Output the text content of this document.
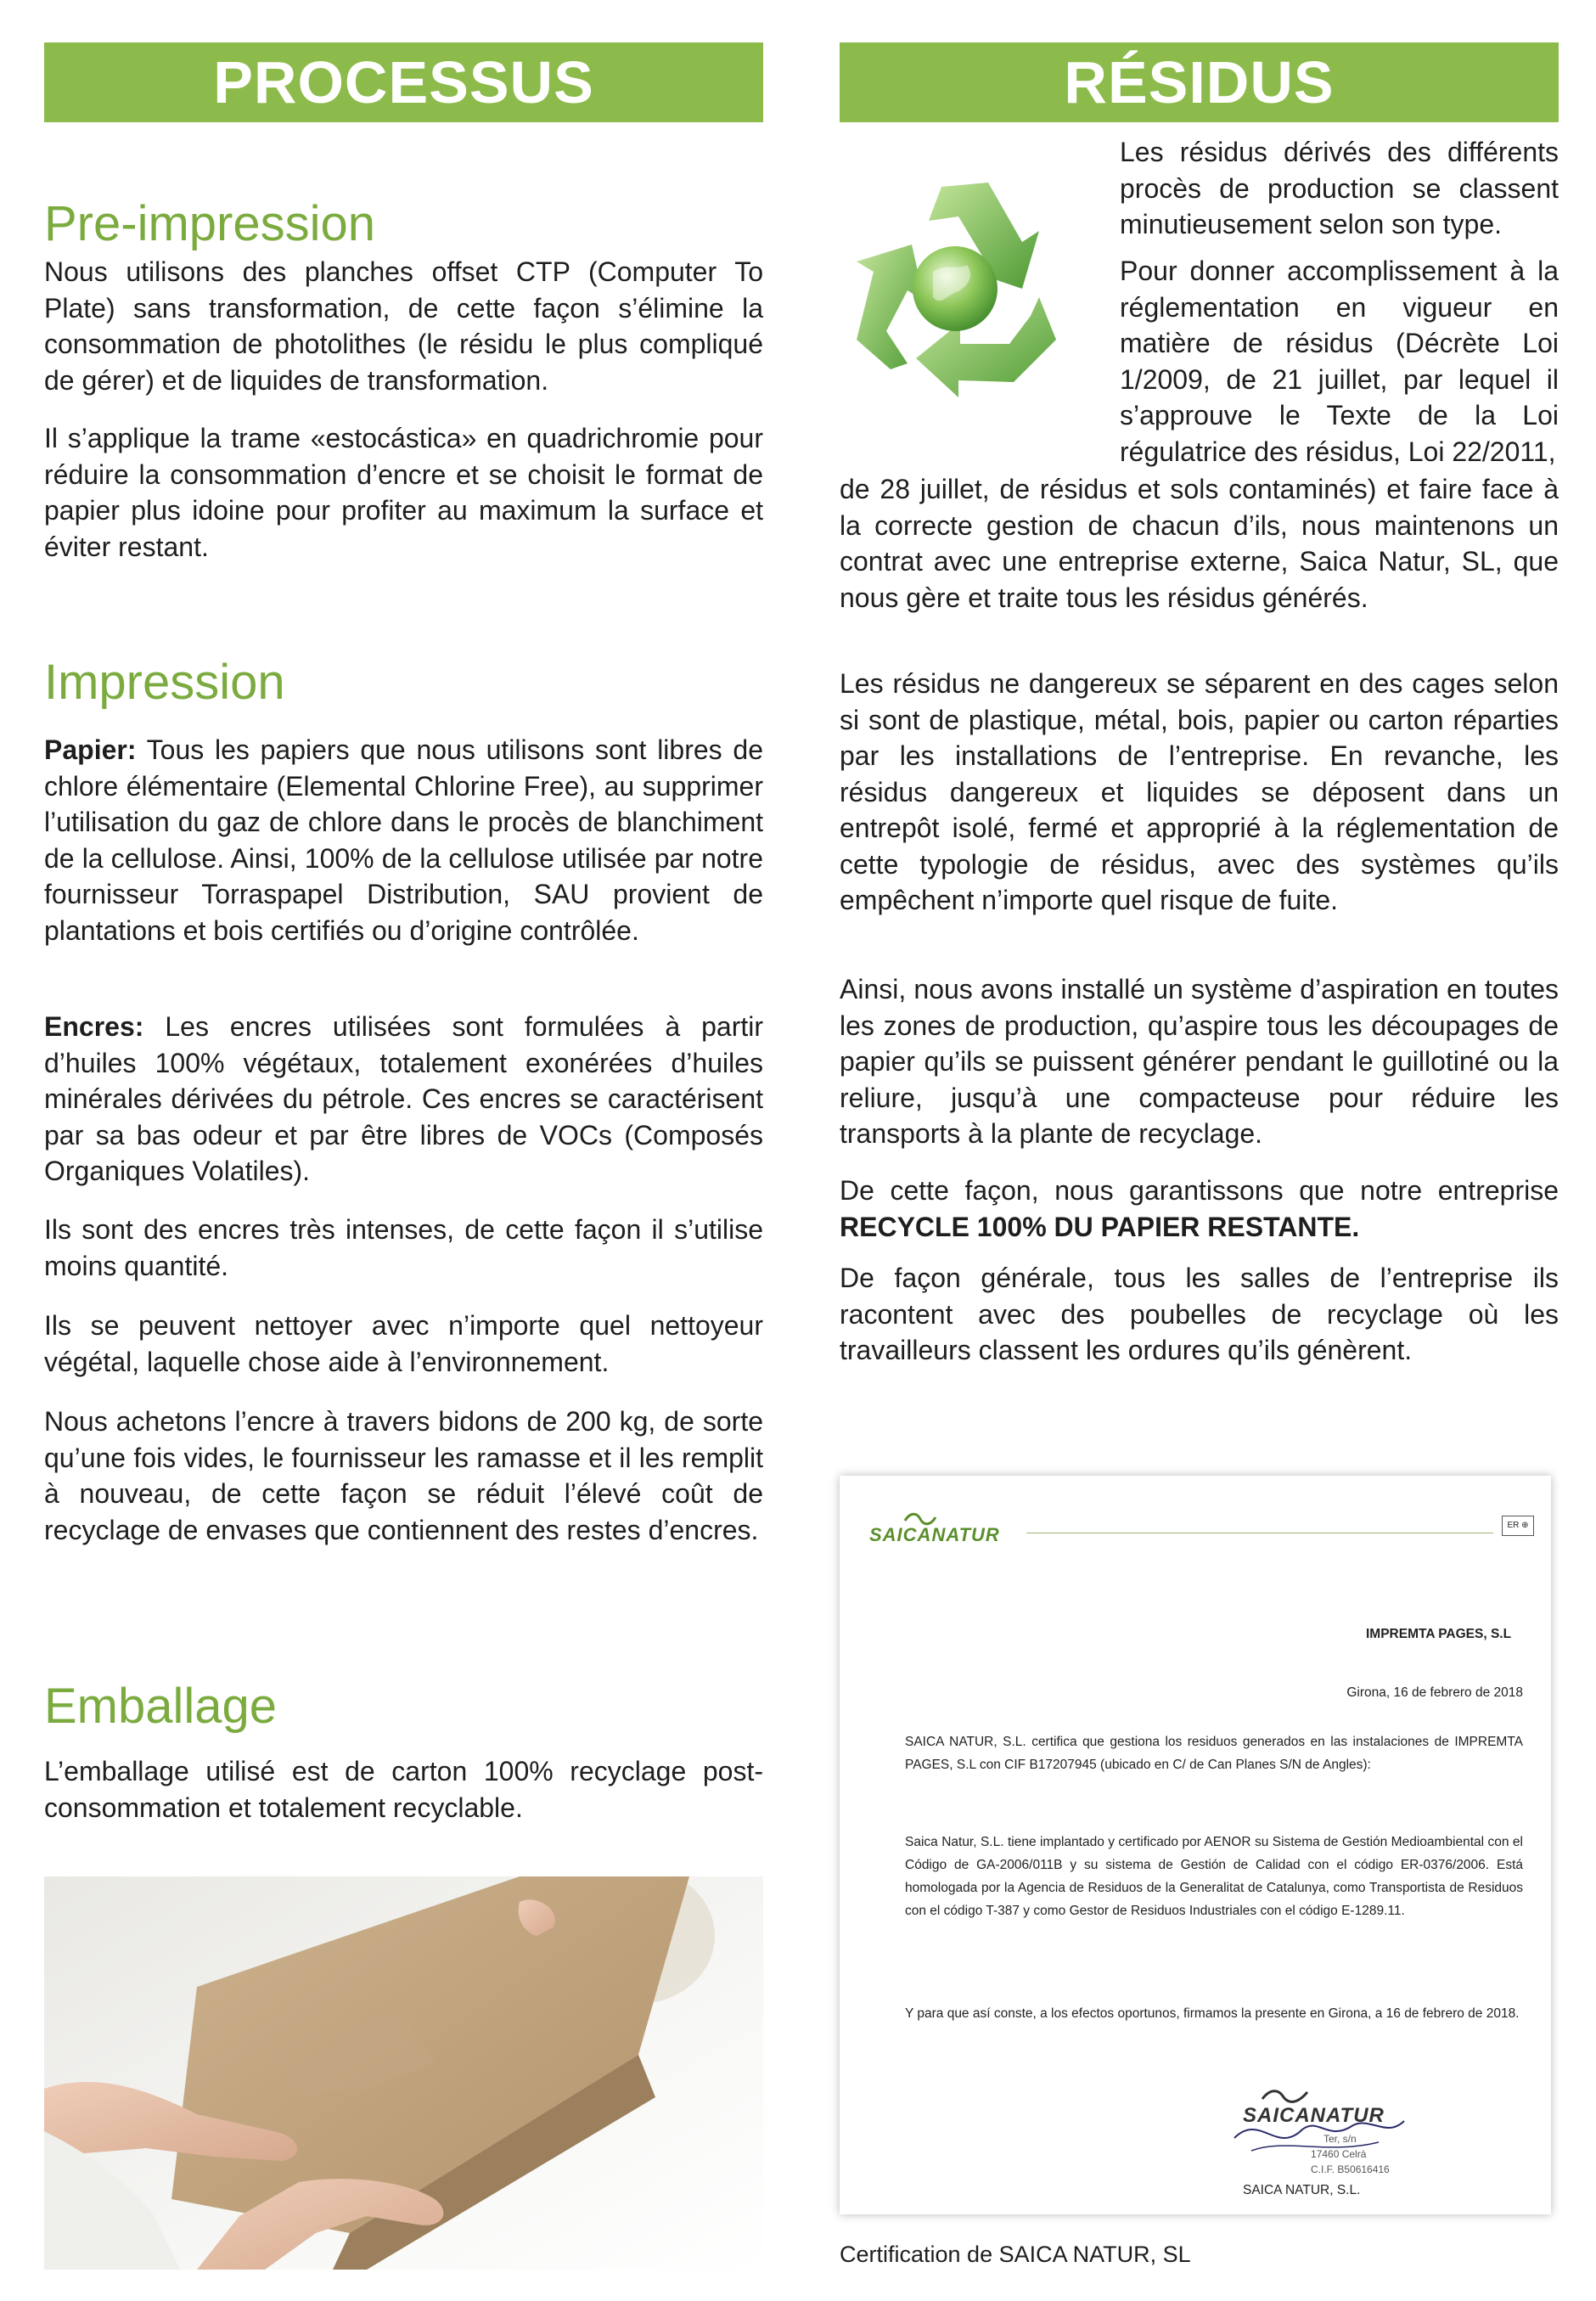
PROCESSUS
Pre-impression

Nous utilisons des planches offset CTP (Computer To Plate) sans transformation, de cette façon s’élimine la consommation de photolithes (le résidu le plus compliqué de gérer) et de liquides de transformation.

Il s’applique la trame «estocástica» en quadrichromie pour réduire la consommation d’encre et se choisit le format de papier plus idoine pour profiter au maximum la surface et éviter restant.

Impression

Papier: Tous les papiers que nous utilisons sont libres de chlore élémentaire (Elemental Chlorine Free), au supprimer l’utilisation du gaz de chlore dans le procès de blanchiment de la cellulose. Ainsi, 100% de la cellulose utilisée par notre fournisseur Torraspapel Distribution, SAU provient de plantations et bois certifiés ou d’origine contrôlée.

Encres: Les encres utilisées sont formulées à partir d’huiles 100% végétaux, totalement exonérées d’huiles minérales dérivées du pétrole. Ces encres se caractérisent par sa bas odeur et par être libres de VOCs (Composés Organiques Volatiles).

Ils sont des encres très intenses, de cette façon il s’utilise moins quantité.

Ils se peuvent nettoyer avec n’importe quel nettoyeur végétal, laquelle chose aide à l’environnement.

Nous achetons l’encre à travers bidons de 200 kg, de sorte qu’une fois vides, le fournisseur les ramasse et il les remplit à nouveau, de cette façon se réduit l’élevé coût de recyclage de envases que contiennent des restes d’encres.

Emballage

L’emballage utilisé est de carton 100% recyclage post-consommation et totalement recyclable.

RÉSIDUS

Les résidus dérivés des différents procès de production se classent minutieusement selon son type.

Pour donner accomplissement à la réglementation en vigueur en matière de résidus (Décrète Loi 1/2009, de 21 juillet, par lequel il s’approuve le Texte de la Loi régulatrice des résidus, Loi 22/2011,

de 28 juillet, de résidus et sols contaminés) et faire face à la correcte gestion de chacun d’ils, nous maintenons un contrat avec une entreprise externe, Saica Natur, SL, que nous gère et traite tous les résidus générés.

Les résidus ne dangereux se séparent en des cages selon si sont de plastique, métal, bois, papier ou carton réparties par les installations de l’entreprise. En revanche, les résidus dangereux et liquides se déposent dans un entrepôt isolé, fermé et approprié à la réglementation de cette typologie de résidus, avec des systèmes qu’ils empêchent n’importe quel risque de fuite.

Ainsi, nous avons installé un système d’aspiration en toutes les zones de production, qu’aspire tous les découpages de papier qu’ils se puissent générer pendant le guillotiné ou la reliure, jusqu’à une compacteuse pour réduire les transports à la plante de recyclage.

De cette façon, nous garantissons que notre entreprise RECYCLE 100% DU PAPIER RESTANTE.

De façon générale, tous les salles de l’entreprise ils racontent avec des poubelles de recyclage où les travailleurs classent les ordures qu’ils génèrent.

SAICANATUR	ER ⊕
IMPREMTA PAGES, S.L
Girona, 16 de febrero de 2018
SAICA NATUR, S.L. certifica que gestiona los residuos generados en las instalaciones de IMPREMTA PAGES, S.L con CIF B17207945 (ubicado en C/ de Can Planes S/N de Angles):
Saica Natur, S.L. tiene implantado y certificado por AENOR su Sistema de Gestión Medioambiental con el Código de GA-2006/011B y su sistema de Gestión de Calidad con el código ER-0376/2006. Está homologada por la Agencia de Residuos de la Generalitat de Catalunya, como Transportista de Residuos con el código T-387 y como Gestor de Residuos Industriales con el código E-1289.11.
Y para que así conste, a los efectos oportunos, firmamos la presente en Girona, a 16 de febrero de 2018.
SAICANATUR
Ter, s/n
17460 Celrà
C.I.F. B50616416
SAICA NATUR, S.L.
Certification de SAICA NATUR, SL
